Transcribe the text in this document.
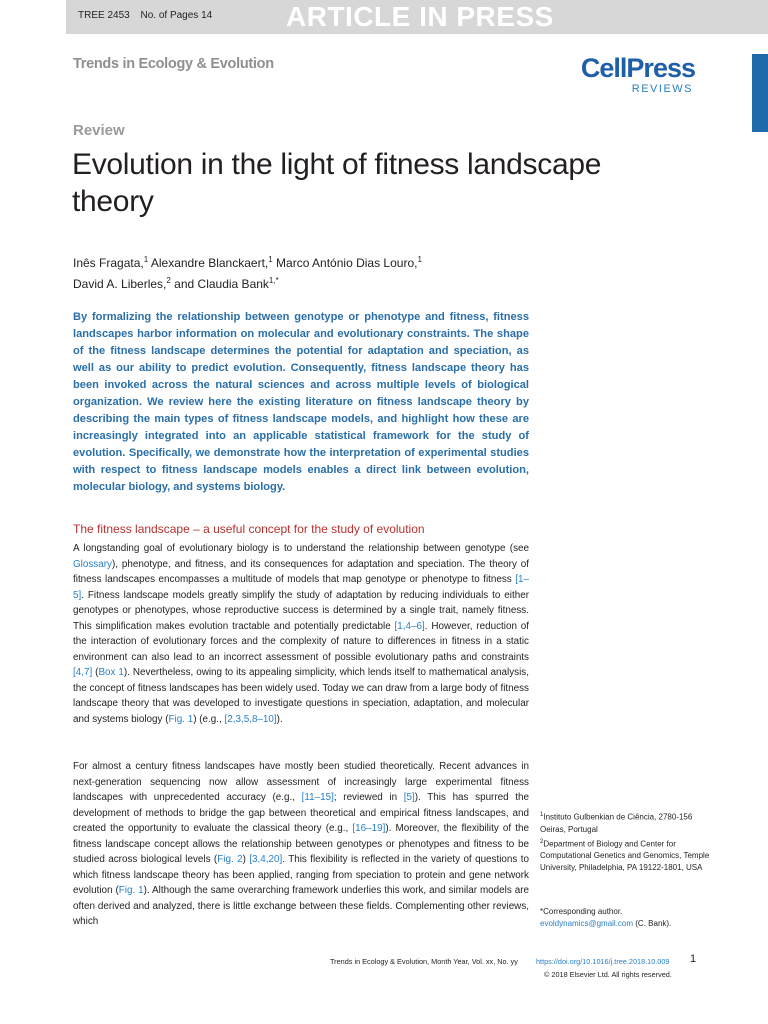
TREE 2453 No. of Pages 14	ARTICLE IN PRESS
Trends in Ecology & Evolution	CellPress
REVIEWS
Review
Evolution in the light of fitness landscape theory
Inês Fragata,$^1$ Alexandre Blanckaert,$^1$ Marco António Dias Louro,$^1$
David A. Liberles,$^2$ and Claudia Bank$^{1,*}$

By formalizing the relationship between genotype or phenotype and fitness, fitness landscapes harbor information on molecular and evolutionary constraints. The shape of the fitness landscape determines the potential for adaptation and speciation, as well as our ability to predict evolution. Consequently, fitness landscape theory has been invoked across the natural sciences and across multiple levels of biological organization. We review here the existing literature on fitness landscape theory by describing the main types of fitness landscape models, and highlight how these are increasingly integrated into an applicable statistical framework for the study of evolution. Specifically, we demonstrate how the interpretation of experimental studies with respect to fitness landscape models enables a direct link between evolution, molecular biology, and systems biology.

The fitness landscape – a useful concept for the study of evolution

A longstanding goal of evolutionary biology is to understand the relationship between genotype (see Glossary), phenotype, and fitness, and its consequences for adaptation and speciation. The theory of fitness landscapes encompasses a multitude of models that map genotype or phenotype to fitness [1–5]. Fitness landscape models greatly simplify the study of adaptation by reducing individuals to either genotypes or phenotypes, whose reproductive success is determined by a single trait, namely fitness. This simplification makes evolution tractable and potentially predictable [1,4–6]. However, reduction of the interaction of evolutionary forces and the complexity of nature to differences in fitness in a static environment can also lead to an incorrect assessment of possible evolutionary paths and constraints [4,7] (Box 1). Nevertheless, owing to its appealing simplicity, which lends itself to mathematical analysis, the concept of fitness landscapes has been widely used. Today we can draw from a large body of fitness landscape theory that was developed to investigate questions in speciation, adaptation, and molecular and systems biology (Fig. 1) (e.g., [2,3,5,8–10]).

For almost a century fitness landscapes have mostly been studied theoretically. Recent advances in next-generation sequencing now allow assessment of increasingly large experimental fitness landscapes with unprecedented accuracy (e.g., [11–15]; reviewed in [5]). This has spurred the development of methods to bridge the gap between theoretical and empirical fitness landscapes, and created the opportunity to evaluate the classical theory (e.g., [16–19]). Moreover, the flexibility of the fitness landscape concept allows the relationship between genotypes or phenotypes and fitness to be studied across biological levels (Fig. 2) [3,4,20]. This flexibility is reflected in the variety of questions to which fitness landscape theory has been applied, ranging from speciation to protein and gene network evolution (Fig. 1). Although the same overarching framework underlies this work, and similar models are often derived and analyzed, there is little exchange between these fields. Complementing other reviews, which

$^1$Instituto Gulbenkian de Ciência, 2780-156 Oeiras, Portugal
$^2$Department of Biology and Center for Computational Genetics and Genomics, Temple University, Philadelphia, PA 19122-1801, USA
*Corresponding author.
evoldynamics@gmail.com (C. Bank).
Trends in Ecology & Evolution, Month Year, Vol. xx, No. yy https://doi.org/10.1016/j.tree.2018.10.009 1
© 2018 Elsevier Ltd. All rights reserved.
